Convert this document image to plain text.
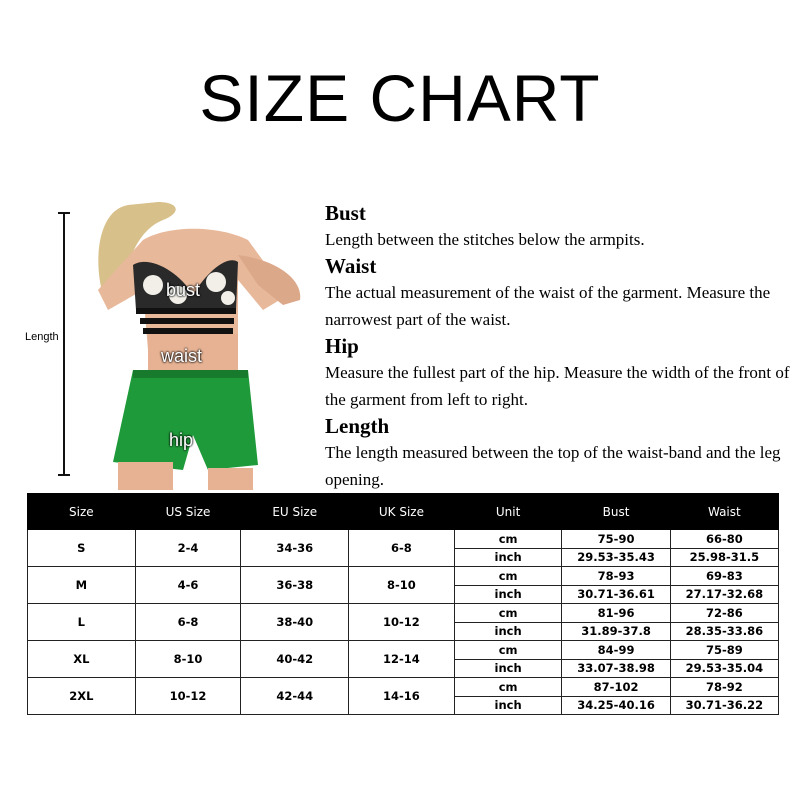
SIZE CHART
Length
bust
waist
hip
Bust

Length between the stitches below the armpits.

Waist

The actual measurement of the waist of the garment. Measure the narrowest part of the waist.

Hip

Measure the fullest part of the hip. Measure the width of the front of the garment from left to right.

Length

The length measured between the top of the waist-band and the leg opening.

Size	US Size	EU Size	UK Size	Unit	Bust	Waist
S	2-4	34-36	6-8	cm	75-90	66-80
				inch	29.53-35.43	25.98-31.5
M	4-6	36-38	8-10	cm	78-93	69-83
				inch	30.71-36.61	27.17-32.68
L	6-8	38-40	10-12	cm	81-96	72-86
				inch	31.89-37.8	28.35-33.86
XL	8-10	40-42	12-14	cm	84-99	75-89
				inch	33.07-38.98	29.53-35.04
2XL	10-12	42-44	14-16	cm	87-102	78-92
				inch	34.25-40.16	30.71-36.22
